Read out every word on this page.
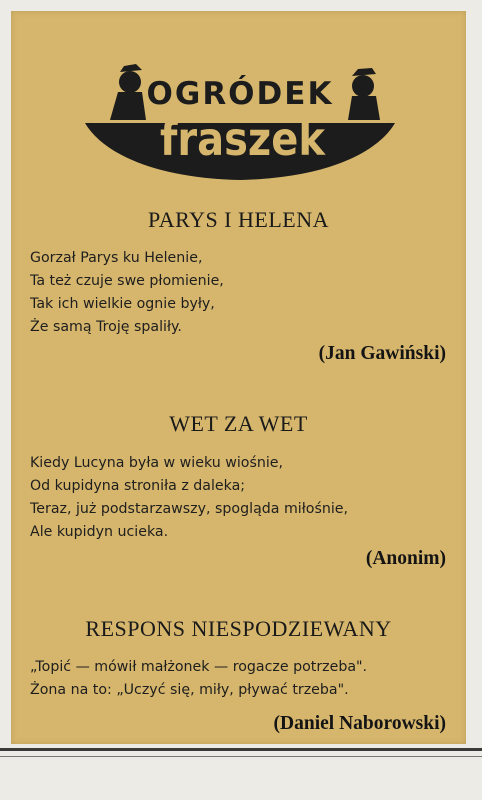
OGRÓDEK
fraszek
PARYS I HELENA
Gorzał Parys ku Helenie,
Ta też czuje swe płomienie,
Tak ich wielkie ognie były,
Że samą Troję spaliły.
(Jan Gawiński)
WET ZA WET
Kiedy Lucyna była w wieku wiośnie,
Od kupidyna stroniła z daleka;
Teraz, już podstarzawszy, spogląda miłośnie,
Ale kupidyn ucieka.
(Anonim)
RESPONS NIESPODZIEWANY
„Topić — mówił małżonek — rogacze potrzeba".
Żona na to: „Uczyć się, miły, pływać trzeba".
(Daniel Naborowski)
